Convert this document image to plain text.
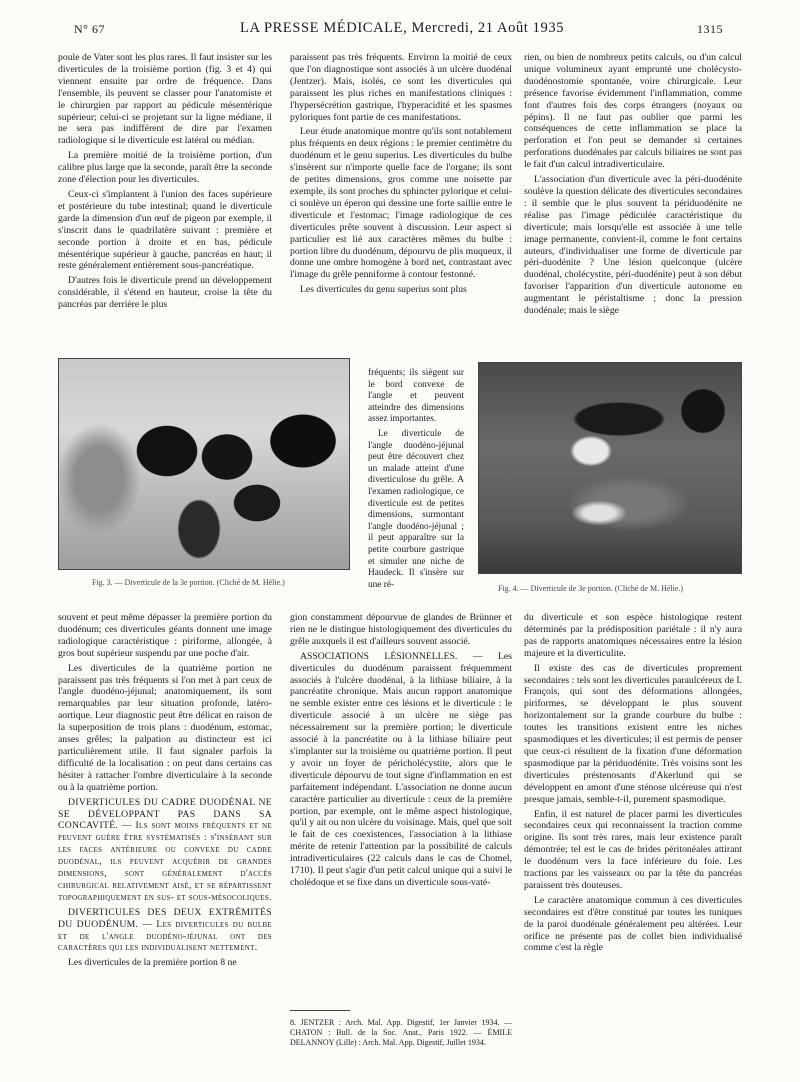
N° 67	LA PRESSE MÉDICALE, Mercredi, 21 Août 1935	1315

poule de Vater sont les plus rares. Il faut insister sur les diverticules de la troisième portion (fig. 3 et 4) qui viennent ensuite par ordre de fréquence. Dans l'ensemble, ils peuvent se classer pour l'anatomiste et le chirurgien par rapport au pédicule mésentérique supérieur; celui-ci se projetant sur la ligne médiane, il ne sera pas indifférent de dire par l'examen radiologique si le diverticule est latéral ou médian.

La première moitié de la troisième portion, d'un calibre plus large que la seconde, paraît être la seconde zone d'élection pour les diverticules.

Ceux-ci s'implantent à l'union des faces supérieure et postérieure du tube intestinal; quand le diverticule garde la dimension d'un œuf de pigeon par exemple, il s'inscrit dans le quadrilatère suivant : première et seconde portion à droite et en bas, pédicule mésentérique supérieur à gauche, pancréas en haut; il reste généralement entièrement sous-pancréatique.

D'autres fois le diverticule prend un développement considérable, il s'étend en hauteur, croise la tête du pancréas par derrière le plus

paraissent pas très fréquents. Environ la moitié de ceux que l'on diagnostique sont associés à un ulcère duodénal (Jentzer). Mais, isolés, ce sont les diverticules qui paraissent les plus riches en manifestations cliniques : l'hypersécrétion gastrique, l'hyperacidité et les spasmes pyloriques font partie de ces manifestations.

Leur étude anatomique montre qu'ils sont notablement plus fréquents en deux régions : le premier centimètre du duodénum et le genu superius. Les diverticules du bulbe s'insèrent sur n'importe quelle face de l'organe; ils sont de petites dimensions, gros comme une noisette par exemple, ils sont proches du sphincter pylorique et celui-ci soulève un éperon qui dessine une forte saillie entre le diverticule et l'estomac; l'image radiologique de ces diverticules prête souvent à discussion. Leur aspect si particulier est lié aux caractères mêmes du bulbe : portion libre du duodénum, dépourvu de plis muqueux, il donne une ombre homogène à bord net, contrastant avec l'image du grêle penniforme à contour festonné.

Les diverticules du genu superius sont plus

fréquents; ils siègent sur le bord convexe de l'angle et peuvent atteindre des dimensions assez importantes.

Le diverticule de l'angle duodéno-jéjunal peut être découvert chez un malade atteint d'une diverticulose du grêle. A l'examen radiologique, ce diverticule est de petites dimensions, surmontant l'angle duodéno-jéjunal ; il peut apparaître sur la petite courbure gastrique et simuler une niche de Haudeck. Il s'insère sur une ré-

rien, ou bien de nombreux petits calculs, ou d'un calcul unique volumineux ayant emprunté une cholécysto-duodénostomie spontanée, voire chirurgicale. Leur présence favorise évidemment l'inflammation, comme font d'autres fois des corps étrangers (noyaux ou pépins). Il ne faut pas oublier que parmi les conséquences de cette inflammation se place la perforation et l'on peut se demander si certaines perforations duodénales par calculs biliaires ne sont pas le fait d'un calcul intradiverticulaire.

L'association d'un diverticule avec la péri-duodénite soulève la question délicate des diverticules secondaires : il semble que le plus souvent la périduodénite ne réalise pas l'image pédiculée caractéristique du diverticule; mais lorsqu'elle est associée à une telle image permanente, convient-il, comme le font certains auteurs, d'individualiser une forme de diverticule par péri-duodénite ? Une lésion quelconque (ulcère duodénal, cholécystite, péri-duodénite) peut à son début favoriser l'apparition d'un diverticule autonome en augmentant le péristaltisme ; donc la pression duodénale; mais le siège

Fig. 3. — Diverticule de la 3e portion. (Cliché de M. Hélie.)
Fig. 4. — Diverticule de 3e portion. (Cliché de M. Hélie.)

souvent et peut même dépasser la première portion du duodénum; ces diverticules géants donnent une image radiologique caractéristique : piriforme, allongée, à gros bout supérieur suspendu par une poche d'air.

Les diverticules de la quatrième portion ne paraissent pas très fréquents si l'on met à part ceux de l'angle duodéno-jéjunal; anatomiquement, ils sont remarquables par leur situation profonde, latéro-aortique. Leur diagnostic peut être délicat en raison de la superposition de trois plans : duodénum, estomac, anses grêles; la palpation au distincteur est ici particulièrement utile. Il faut signaler parfois la difficulté de la localisation : on peut dans certains cas hésiter à rattacher l'ombre diverticulaire à la seconde ou à la quatrième portion.

DIVERTICULES DU CADRE DUODÉNAL NE SE DÉVELOPPANT PAS DANS SA CONCAVITÉ. — Ils sont moins fréquents et ne peuvent guère être systématisés : s'insérant sur les faces antérieure ou convexe du cadre duodénal, ils peuvent acquérir de grandes dimensions, sont généralement d'accès chirurgical relativement aisé, et se répartissent topographiquement en sus- et sous-mésocoliques.

DIVERTICULES DES DEUX EXTRÉMITÉS DU DUODÉNUM. — Les diverticules du bulbe et de l'angle duodéno-jéjunal ont des caractères qui les individualisent nettement.

Les diverticules de la première portion 8 ne

gion constamment dépourvue de glandes de Brünner et rien ne le distingue histologiquement des diverticules du grêle auxquels il est d'ailleurs souvent associé.

ASSOCIATIONS LÉSIONNELLES. — Les diverticules du duodénum paraissent fréquemment associés à l'ulcère duodénal, à la lithiase biliaire, à la pancréatite chronique. Mais aucun rapport anatomique ne semble exister entre ces lésions et le diverticule : le diverticule associé à un ulcère ne siège pas nécessairement sur la première portion; le diverticule associé à la pancréatite ou à la lithiase biliaire peut s'implanter sur la troisième ou quatrième portion. Il peut y avoir un foyer de péricholécystite, alors que le diverticule dépourvu de tout signe d'inflammation en est parfaitement indépendant. L'association ne donne aucun caractère particulier au diverticule : ceux de la première portion, par exemple, ont le même aspect histologique, qu'il y ait ou non ulcère du voisinage. Mais, quel que soit le fait de ces coexistences, l'association à la lithiase mérite de retenir l'attention par la possibilité de calculs intradiverticulaires (22 calculs dans le cas de Chomel, 1710). Il peut s'agir d'un petit calcul unique qui a suivi le cholédoque et se fixe dans un diverticule sous-vaté-

du diverticule et son espèce histologique restent déterminés par la prédisposition pariétale : il n'y aura pas de rapports anatomiques nécessaires entre la lésion majeure et la diverticulite.

Il existe des cas de diverticules proprement secondaires : tels sont les diverticules paraulcéreux de I. François, qui sont des déformations allongées, piriformes, se développant le plus souvent horizontalement sur la grande courbure du bulbe : toutes les transitions existent entre les niches spasmodiques et les diverticules; il est permis de penser que ceux-ci résultent de la fixation d'une déformation spasmodique par la périduodénite. Très voisins sont les diverticules préstenosants d'Akerlund qui se développent en amont d'une sténose ulcéreuse qui n'est presque jamais, semble-t-il, purement spasmodique.

Enfin, il est naturel de placer parmi les diverticules secondaires ceux qui reconnaissent la traction comme origine. Ils sont très rares, mais leur existence paraît démontrée; tel est le cas de brides péritonéales attirant le duodénum vers la face inférieure du foie. Les tractions par les vaisseaux ou par la tête du pancréas paraissent très douteuses.

Le caractère anatomique commun à ces diverticules secondaires est d'être constitué par toutes les tuniques de la paroi duodénale généralement peu altérées. Leur orifice ne présente pas de collet bien individualisé comme c'est la règle

8. JENTZER : Arch. Mal. App. Digestif, 1er Janvier 1934. — CHATON : Bull. de la Soc. Anat., Paris 1922. — ÉMILE DELANNOY (Lille) : Arch. Mal. App. Digestif, Juillet 1934.
